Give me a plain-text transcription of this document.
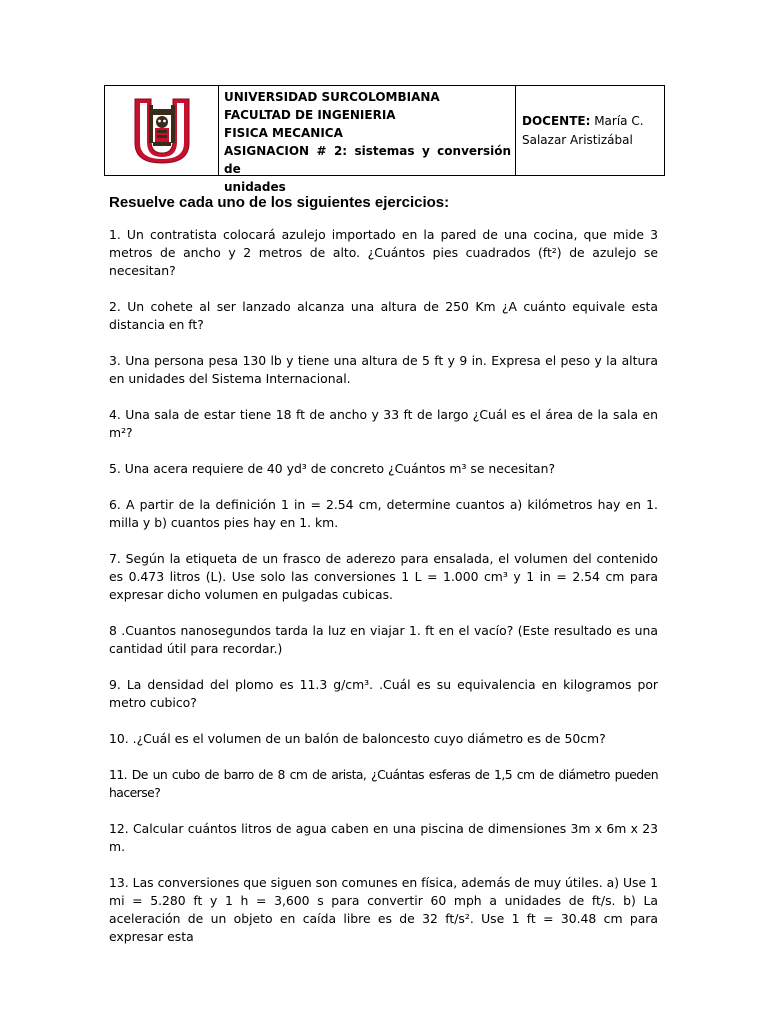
UNIVERSIDAD SURCOLOMBIANA
FACULTAD DE INGENIERIA
FISICA MECANICA
ASIGNACION # 2: sistemas y conversión de
unidades
DOCENTE: María C.
Salazar Aristizábal
Resuelve cada uno de los siguientes ejercicios:

1. Un contratista colocará azulejo importado en la pared de una cocina, que mide 3 metros de ancho y 2 metros de alto. ¿Cuántos pies cuadrados (ft²) de azulejo se necesitan?

2. Un cohete al ser lanzado alcanza una altura de 250 Km ¿A cuánto equivale esta distancia en ft?

3. Una persona pesa 130 lb y tiene una altura de 5 ft y 9 in. Expresa el peso y la altura en unidades del Sistema Internacional.

4. Una sala de estar tiene 18 ft de ancho y 33 ft de largo ¿Cuál es el área de la sala en m²?

5. Una acera requiere de 40 yd³ de concreto ¿Cuántos m³ se necesitan?

6. A partir de la definición 1 in = 2.54 cm, determine cuantos a) kilómetros hay en 1. milla y b) cuantos pies hay en 1. km.

7. Según la etiqueta de un frasco de aderezo para ensalada, el volumen del contenido es 0.473 litros (L). Use solo las conversiones 1 L = 1.000 cm³ y 1 in = 2.54 cm para expresar dicho volumen en pulgadas cubicas.

8 .Cuantos nanosegundos tarda la luz en viajar 1. ft en el vacío? (Este resultado es una cantidad útil para recordar.)

9. La densidad del plomo es 11.3 g/cm³. .Cuál es su equivalencia en kilogramos por metro cubico?

10. .¿Cuál es el volumen de un balón de baloncesto cuyo diámetro es de 50cm?

11. De un cubo de barro de 8 cm de arista, ¿Cuántas esferas de 1,5 cm de diámetro pueden hacerse?

12. Calcular cuántos litros de agua caben en una piscina de dimensiones 3m x 6m x 23 m.

13. Las conversiones que siguen son comunes en física, además de muy útiles. a) Use 1 mi = 5.280 ft y 1 h = 3,600 s para convertir 60 mph a unidades de ft/s. b) La aceleración de un objeto en caída libre es de 32 ft/s². Use 1 ft = 30.48 cm para expresar esta
